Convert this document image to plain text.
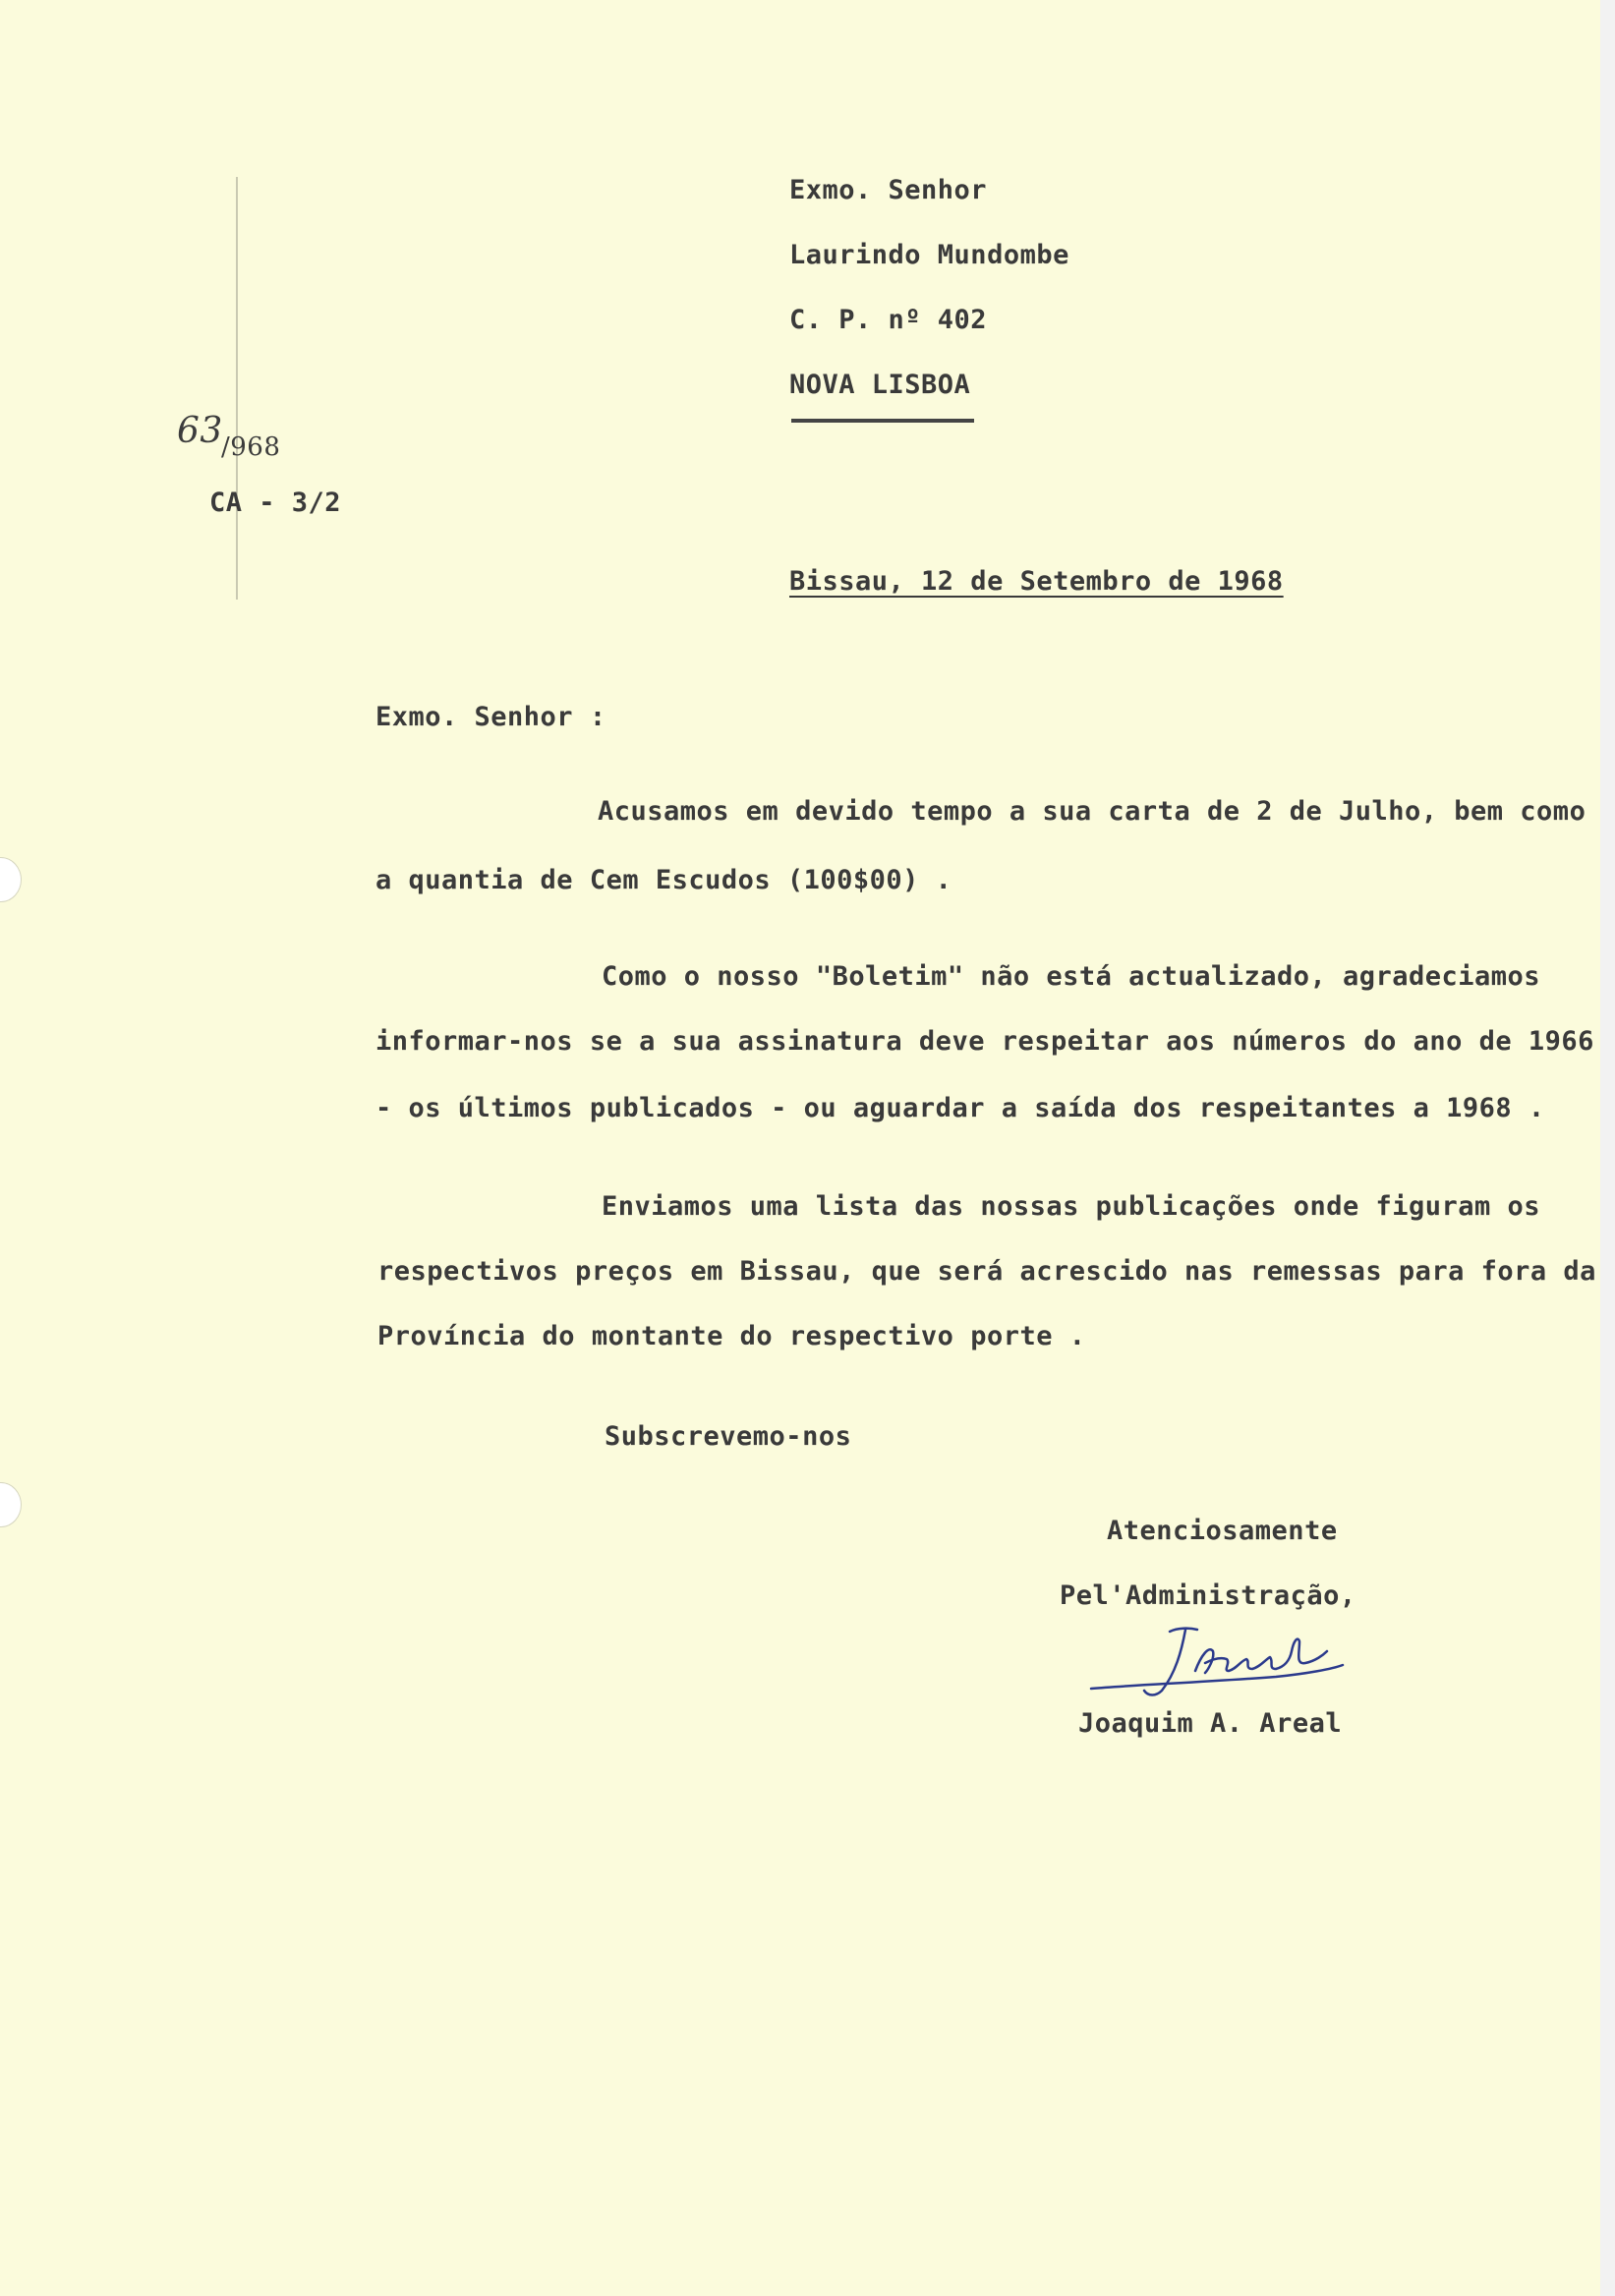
63
/968
CA - 3/2
Exmo. Senhor
Laurindo Mundombe
C. P. nº 402
NOVA LISBOA
Bissau, 12 de Setembro de 1968
Exmo. Senhor :
Acusamos em devido tempo a sua carta de 2 de Julho, bem como
a quantia de Cem Escudos (100$00) .
Como o nosso "Boletim" não está actualizado, agradeciamos
informar-nos se a sua assinatura deve respeitar aos números do ano de 1966
- os últimos publicados - ou aguardar a saída dos respeitantes a 1968 .
Enviamos uma lista das nossas publicações onde figuram os
respectivos preços em Bissau, que será acrescido nas remessas para fora da
Província do montante do respectivo porte .
Subscrevemo-nos
Atenciosamente
Pel'Administração,
Joaquim A. Areal
